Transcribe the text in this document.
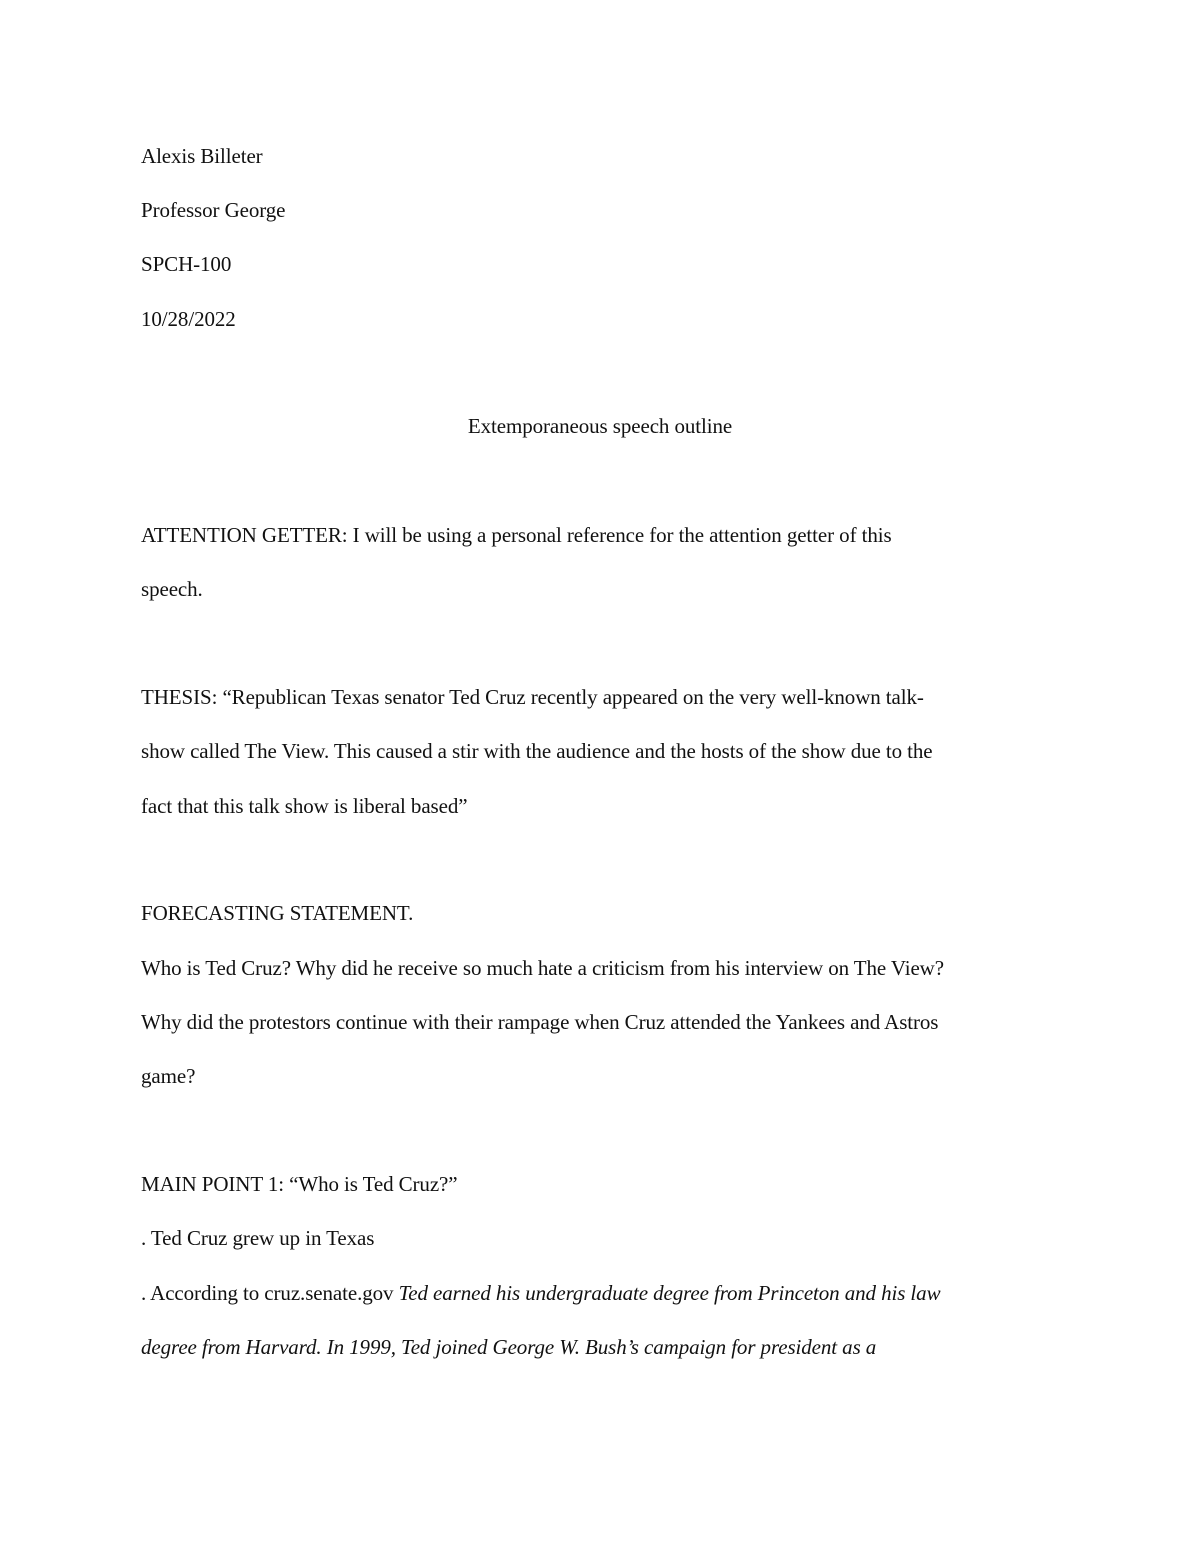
Alexis Billeter
Professor George
SPCH-100
10/28/2022
Extemporaneous speech outline
ATTENTION GETTER: I will be using a personal reference for the attention getter of this
speech.
THESIS: “Republican Texas senator Ted Cruz recently appeared on the very well-known talk-
show called The View. This caused a stir with the audience and the hosts of the show due to the
fact that this talk show is liberal based”
FORECASTING STATEMENT.
Who is Ted Cruz? Why did he receive so much hate a criticism from his interview on The View?
Why did the protestors continue with their rampage when Cruz attended the Yankees and Astros
game?
MAIN POINT 1: “Who is Ted Cruz?”
. Ted Cruz grew up in Texas
. According to cruz.senate.gov Ted earned his undergraduate degree from Princeton and his law
degree from Harvard. In 1999, Ted joined George W. Bush’s campaign for president as a
